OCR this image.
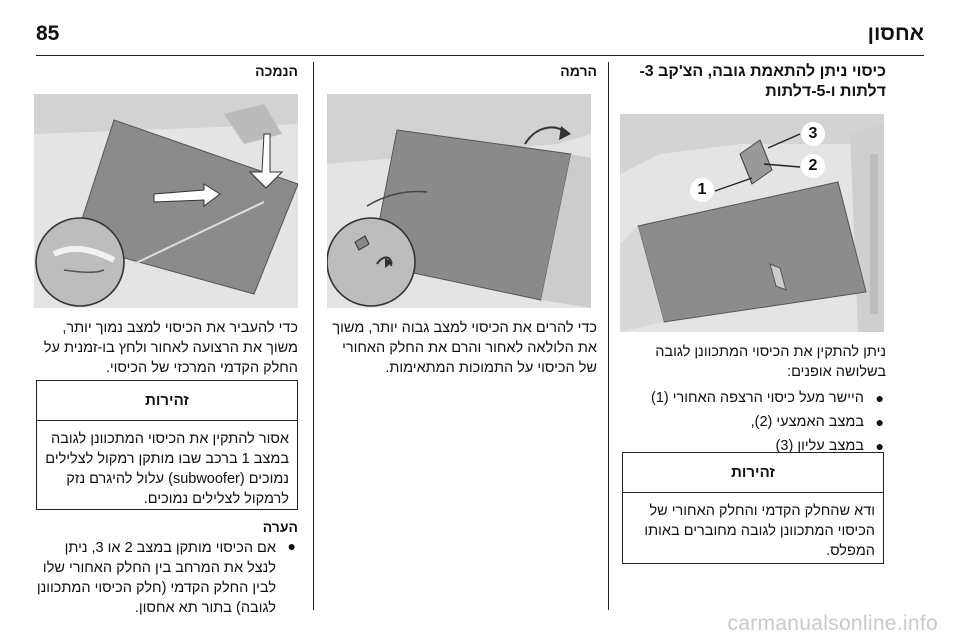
85	אחסון
כיסוי ניתן להתאמת גובה, הצ'קב 3-דלתות ו-5-דלתות
1
2
3

ניתן להתקין את הכיסוי המתכוונן לגובה בשלושה אופנים:

●
היישר מעל כיסוי הרצפה האחורי (1)
●
במצב האמצעי (2),
●
במצב עליון (3)
זהירות
ודא שהחלק הקדמי והחלק האחורי של הכיסוי המתכוונן לגובה מחוברים באותו המפלס.
הרמה

כדי להרים את הכיסוי למצב גבוה יותר, משוך את הלולאה לאחור והרם את החלק האחורי של הכיסוי על התמוכות המתאימות.

הנמכה

כדי להעביר את הכיסוי למצב נמוך יותר, משוך את הרצועה לאחור ולחץ בו-זמנית על החלק הקדמי המרכזי של הכיסוי.

זהירות
אסור להתקין את הכיסוי המתכוונן לגובה במצב 1 ברכב שבו מותקן רמקול לצלילים נמוכים (subwoofer) עלול להיגרם נזק לרמקול לצלילים נמוכים.
הערה
●
אם הכיסוי מותקן במצב 2 או 3, ניתן לנצל את המרחב בין החלק האחורי שלו לבין החלק הקדמי (חלק הכיסוי המתכוונן לגובה) בתור תא אחסון.
carmanualsonline.info
